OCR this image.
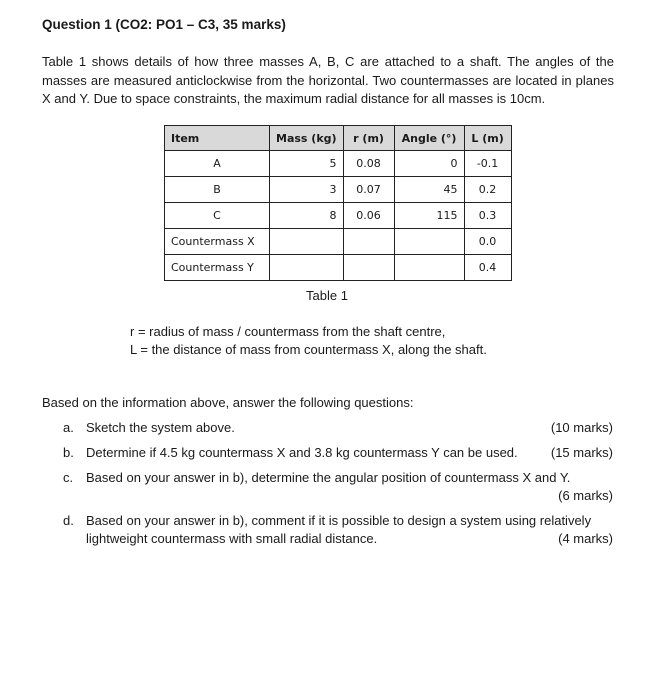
Question 1 (CO2: PO1 – C3, 35 marks)

Table 1 shows details of how three masses A, B, C are attached to a shaft. The angles of the masses are measured anticlockwise from the horizontal. Two countermasses are located in planes X and Y. Due to space constraints, the maximum radial distance for all masses is 10cm.

Item	Mass (kg)	r (m)	Angle (°)	L (m)
A	5	0.08	0	-0.1
B	3	0.07	45	0.2
C	8	0.06	115	0.3
Countermass X				0.0
Countermass Y				0.4
Table 1
r = radius of mass / countermass from the shaft centre,
L = the distance of mass from countermass X, along the shaft.
Based on the information above, answer the following questions:
a. Sketch the system above.	(10 marks)
b. Determine if 4.5 kg countermass X and 3.8 kg countermass Y can be used.	(15 marks)
c. Based on your answer in b), determine the angular position of countermass X and Y.
(6 marks)
d. Based on your answer in b), comment if it is possible to design a system using relatively
lightweight countermass with small radial distance.	(4 marks)
